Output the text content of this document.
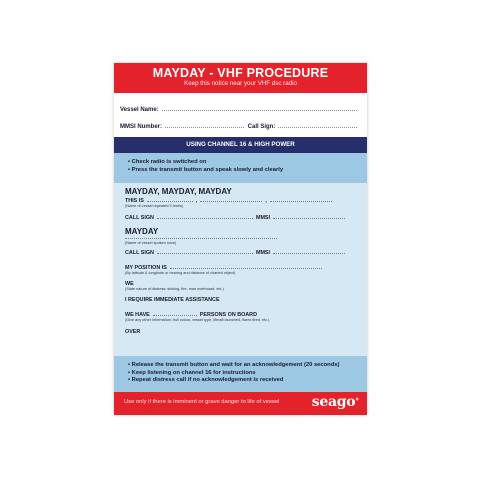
MAYDAY - VHF PROCEDURE
Keep this notice near your VHF dsc radio
Vessel Name:
MMSI Number:	Call Sign:
USING CHANNEL 16 & HIGH POWER
• Check radio is switched on
• Press the transmit button and speak slowly and clearly
MAYDAY, MAYDAY, MAYDAY
THIS IS	,	,
(Name of vessel repeated 3 times)
CALL SIGN	MMSI
MAYDAY
(Name of vessel spoken once)
CALL SIGN	MMSI
MY POSITION IS
(By latitude & longitude or bearing and distance of charted object)
WE
(State nature of distress: sinking, fire, man overboard, etc.)
I REQUIRE IMMEDIATE ASSISTANCE
WE HAVE	PERSONS ON BOARD
(Give any other information: hull colour, vessel type, liferaft launched, flares fired, etc.)
OVER
• Release the transmit button and wait for an acknowledgement (20 seconds)
• Keep listening on channel 16 for instructions
• Repeat distress call if no acknowledgement is received
Use only if there is imminent or grave danger to life of vessel seago®
